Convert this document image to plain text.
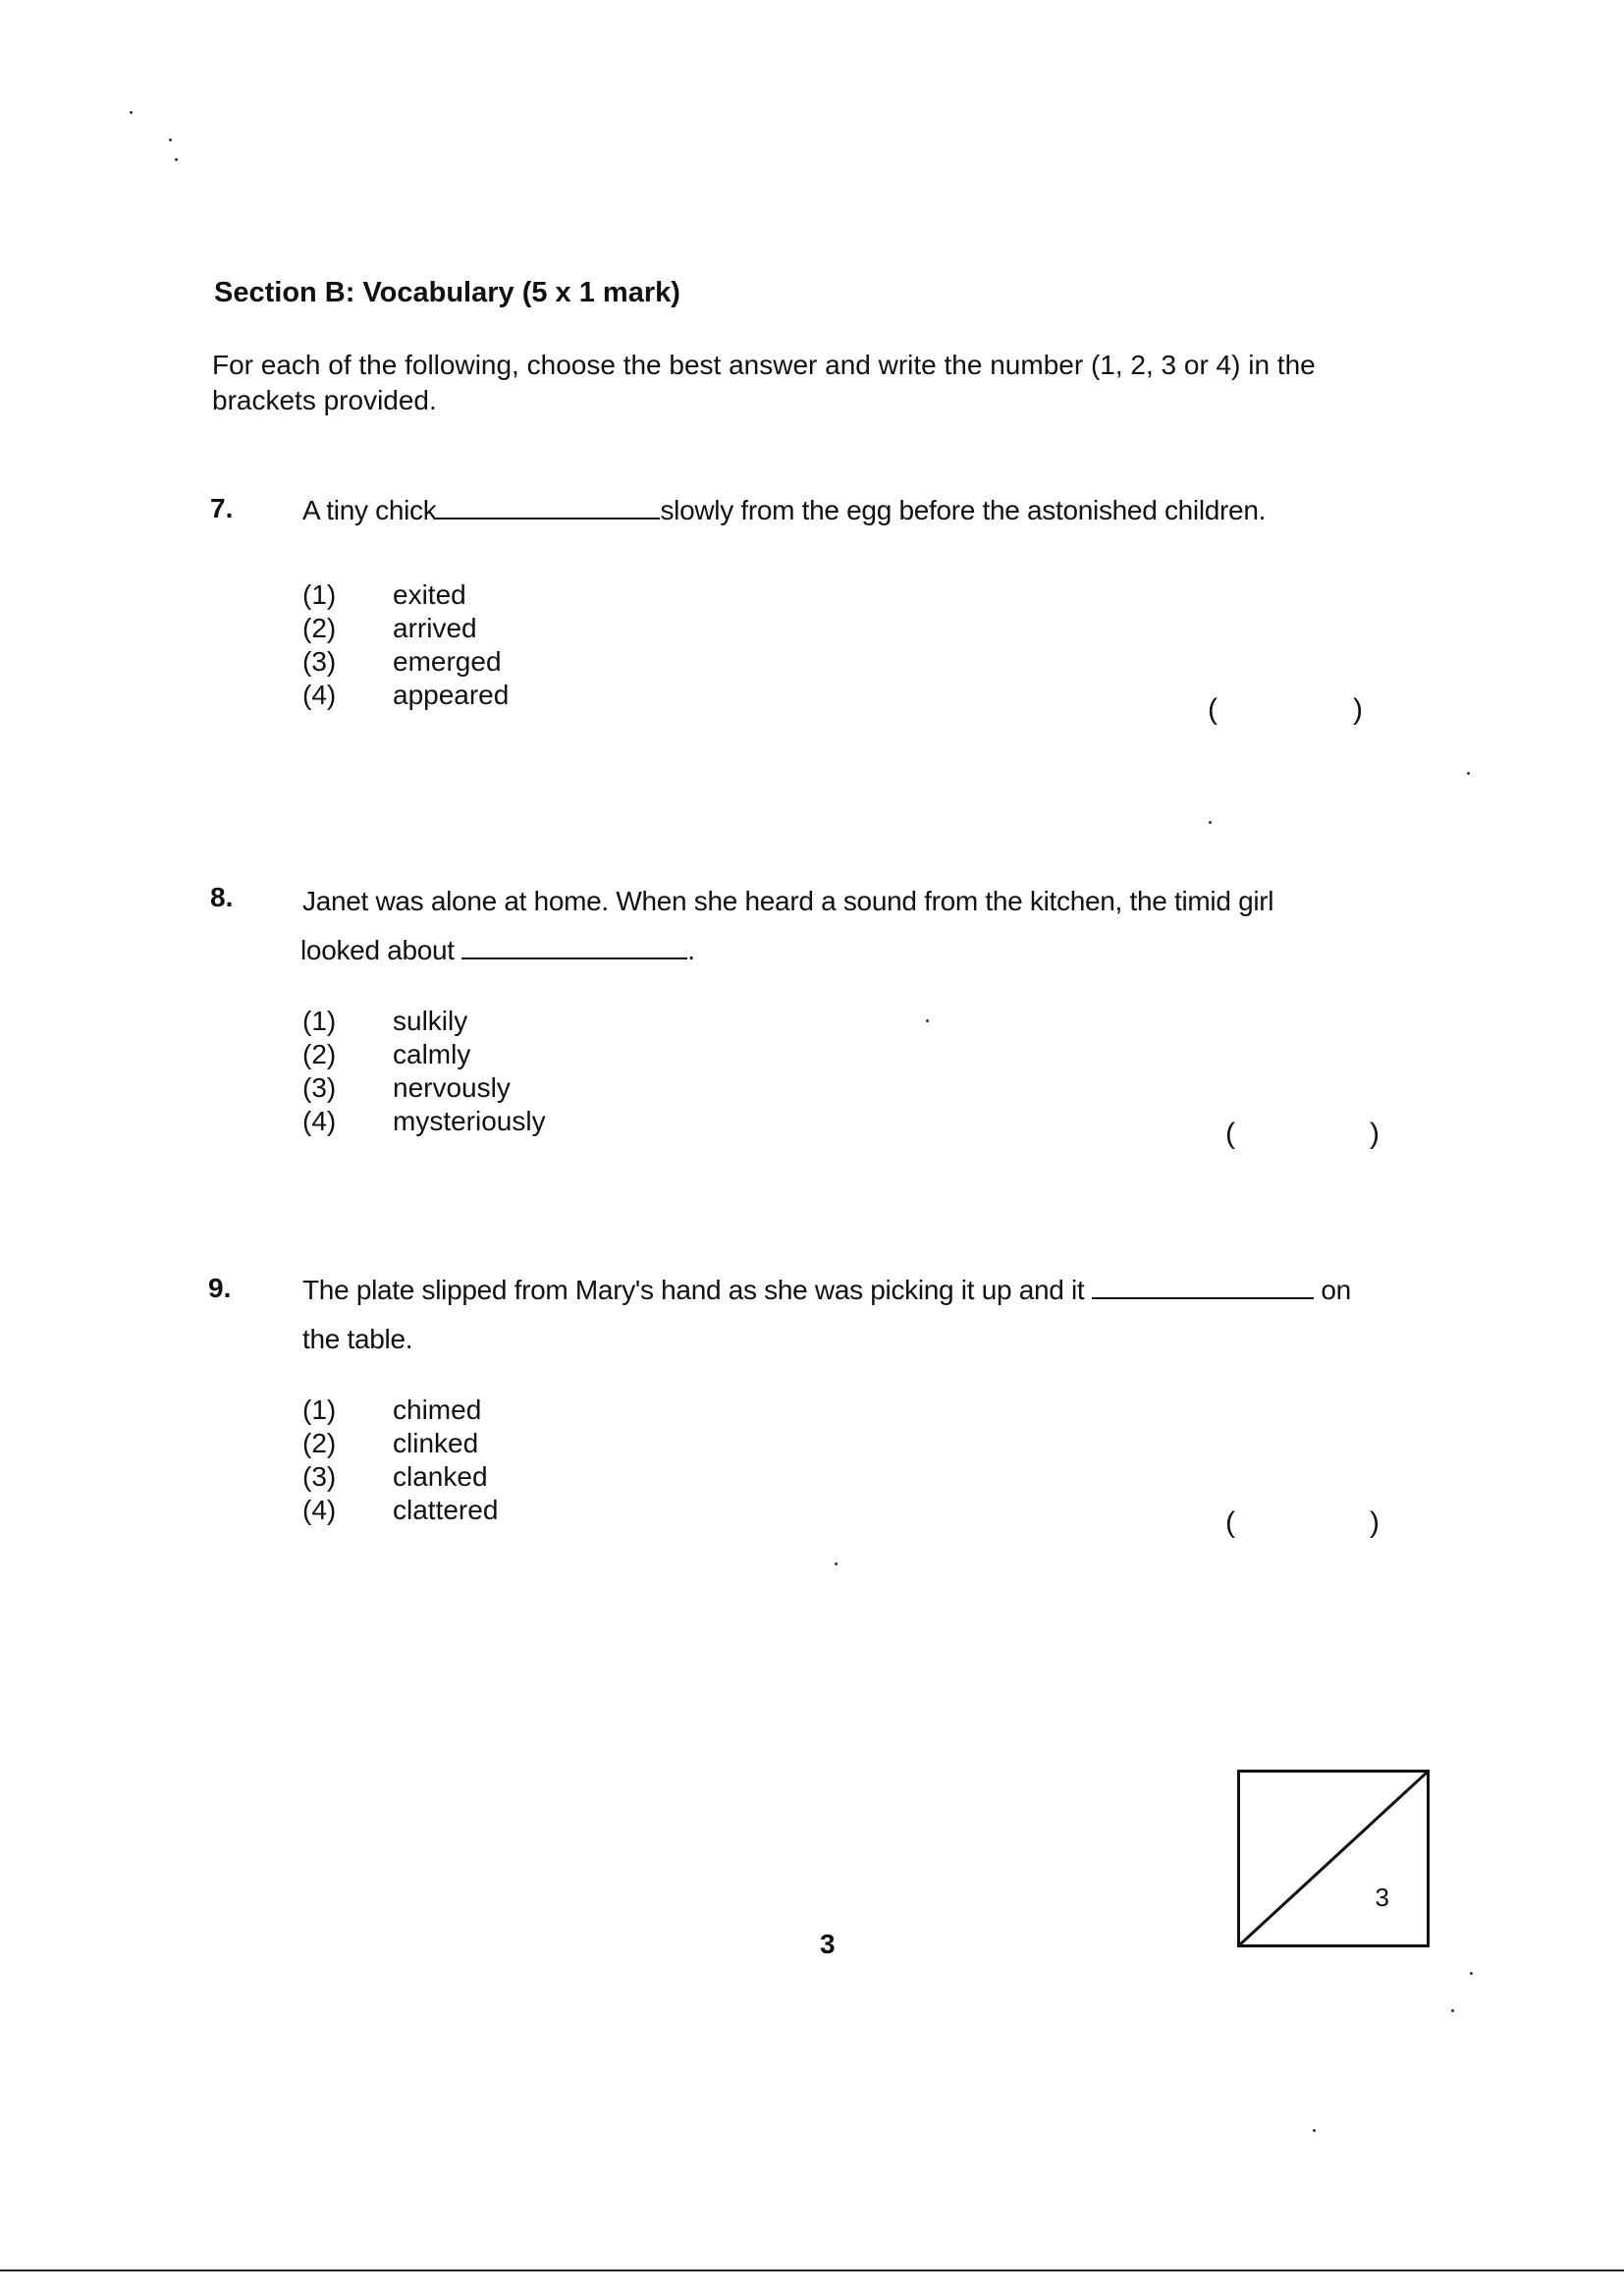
Section B: Vocabulary (5 x 1 mark)
For each of the following, choose the best answer and write the number (1, 2, 3 or 4) in the brackets provided.
7.	A tiny chick	slowly from the egg before the astonished children.
(1) exited
(2) arrived
(3) emerged
(4) appeared	(	)
8.	Janet was alone at home. When she heard a sound from the kitchen, the timid girl
looked about	.
(1) sulkily
(2) calmly
(3) nervously
(4) mysteriously	(	)
9.	The plate slipped from Mary's hand as she was picking it up and it	on
the table.
(1) chimed
(2) clinked
(3) clanked
(4) clattered	(	)
3
3
